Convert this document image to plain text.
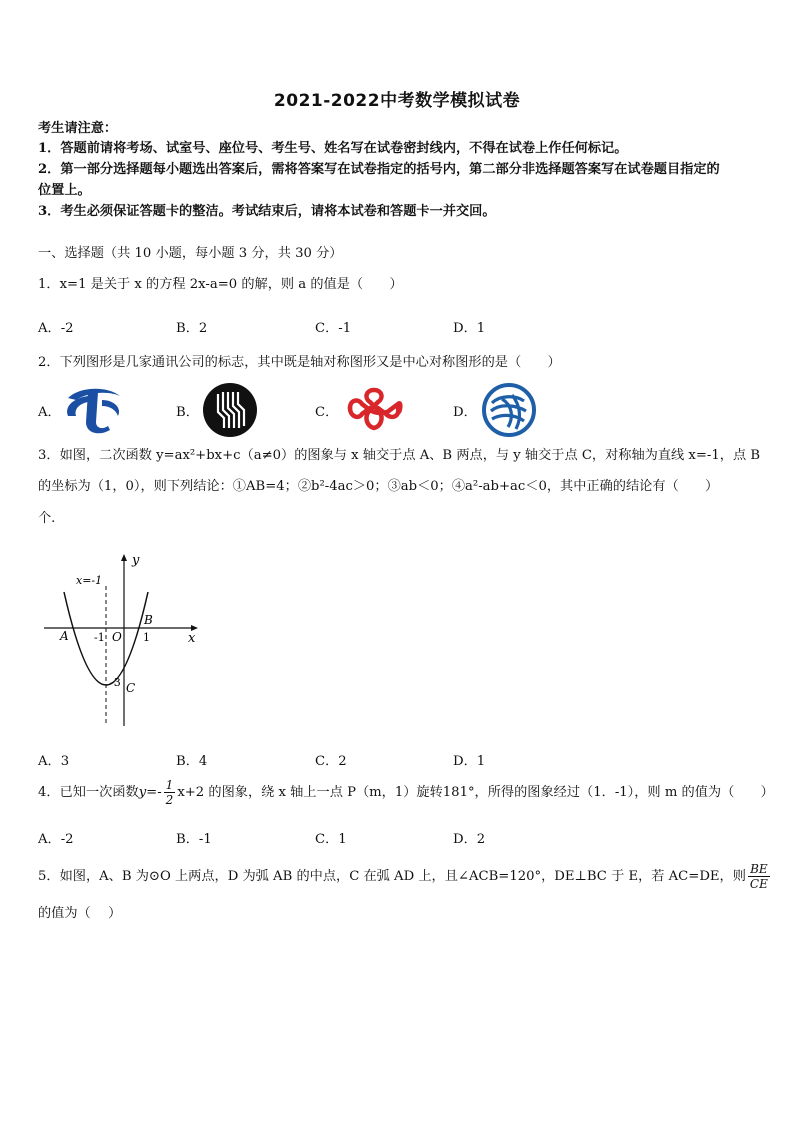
2021-2022中考数学模拟试卷
考生请注意：
1．答题前请将考场、试室号、座位号、考生号、姓名写在试卷密封线内，不得在试卷上作任何标记。
2．第一部分选择题每小题选出答案后，需将答案写在试卷指定的括号内，第二部分非选择题答案写在试卷题目指定的
位置上。
3．考生必须保证答题卡的整洁。考试结束后，请将本试卷和答题卡一并交回。
一、选择题（共 10 小题，每小题 3 分，共 30 分）
1．x=1 是关于 x 的方程 2x-a=0 的解，则 a 的值是（　　）
A．-2	B．2	C．-1	D．1
2．下列图形是几家通讯公司的标志，其中既是轴对称图形又是中心对称图形的是（　　）
A．	B．	C．	D．
3．如图，二次函数 y=ax²+bx+c（a≠0）的图象与 x 轴交于点 A、B 两点，与 y 轴交于点 C，对称轴为直线 x=-1，点 B
的坐标为（1，0），则下列结论：①AB=4；②b²-4ac＞0；③ab＜0；④a²-ab+ac＜0，其中正确的结论有（　　）
个.
y
x
x=-1
A
B
C
O
-1	1
-3
A．3	B．4	C．2	D．1
4．已知一次函数$y=- \frac{1}{2} x+2$ 的图象，绕 x 轴上一点 P（m，1）旋转181°，所得的图象经过（1．-1），则 m 的值为（　　）
A．-2	B．-1	C．1	D．2
5．如图，A、B 为⊙O 上两点，D 为弧 AB 的中点，C 在弧 AD 上，且∠ACB=120°，DE⊥BC 于 E，若 AC=DE，则 $\frac{BE}{CE}$
的值为（　 ）
